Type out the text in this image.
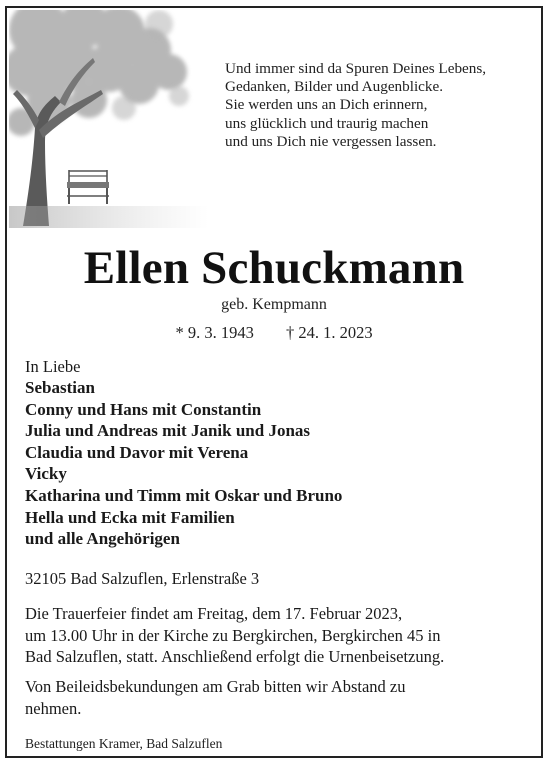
Und immer sind da Spuren Deines Lebens,
Gedanken, Bilder und Augenblicke.
Sie werden uns an Dich erinnern,
uns glücklich und traurig machen
und uns Dich nie vergessen lassen.
Ellen Schuckmann
geb. Kempmann
* 9. 3. 1943 † 24. 1. 2023
In Liebe
Sebastian
Conny und Hans mit Constantin
Julia und Andreas mit Janik und Jonas
Claudia und Davor mit Verena
Vicky
Katharina und Timm mit Oskar und Bruno
Hella und Ecka mit Familien
und alle Angehörigen
32105 Bad Salzuflen, Erlenstraße 3
Die Trauerfeier findet am Freitag, dem 17. Februar 2023,
um 13.00 Uhr in der Kirche zu Bergkirchen, Bergkirchen 45 in
Bad Salzuflen, statt. Anschließend erfolgt die Urnenbeisetzung.
Von Beileidsbekundungen am Grab bitten wir Abstand zu
nehmen.
Bestattungen Kramer, Bad Salzuflen
